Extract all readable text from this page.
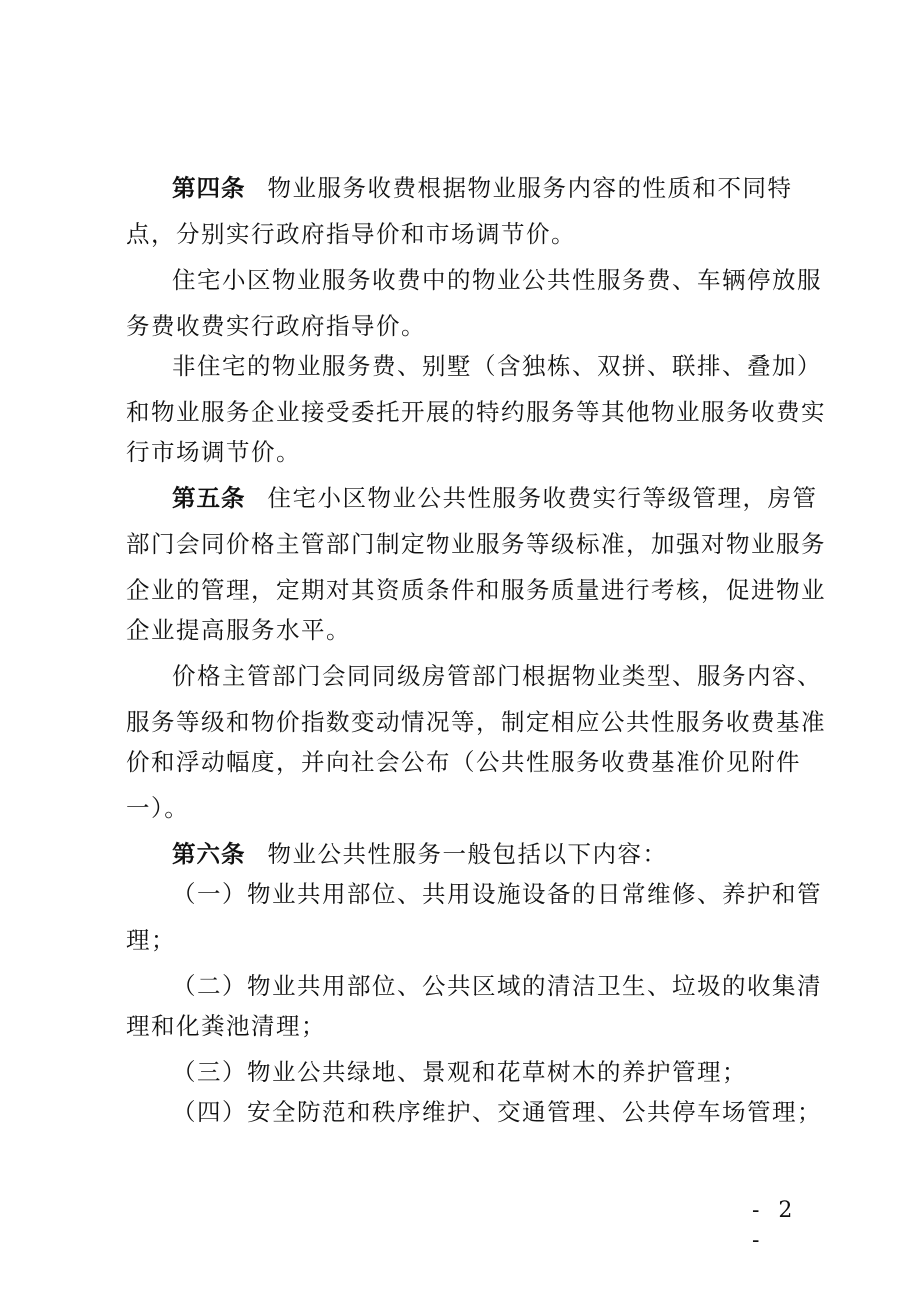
第四条 物业服务收费根据物业服务内容的性质和不同特
点，分别实行政府指导价和市场调节价。
住宅小区物业服务收费中的物业公共性服务费、车辆停放服
务费收费实行政府指导价。
非住宅的物业服务费、别墅（含独栋、双拼、联排、叠加）
和物业服务企业接受委托开展的特约服务等其他物业服务收费实
行市场调节价。
第五条 住宅小区物业公共性服务收费实行等级管理，房管
部门会同价格主管部门制定物业服务等级标准，加强对物业服务
企业的管理，定期对其资质条件和服务质量进行考核，促进物业
企业提高服务水平。
价格主管部门会同同级房管部门根据物业类型、服务内容、
服务等级和物价指数变动情况等，制定相应公共性服务收费基准
价和浮动幅度，并向社会公布（公共性服务收费基准价见附件
一）。
第六条 物业公共性服务一般包括以下内容：
（一）物业共用部位、共用设施设备的日常维修、养护和管
理；
（二）物业共用部位、公共区域的清洁卫生、垃圾的收集清
理和化粪池清理；
（三）物业公共绿地、景观和花草树木的养护管理；
（四）安全防范和秩序维护、交通管理、公共停车场管理；
- 2 -
